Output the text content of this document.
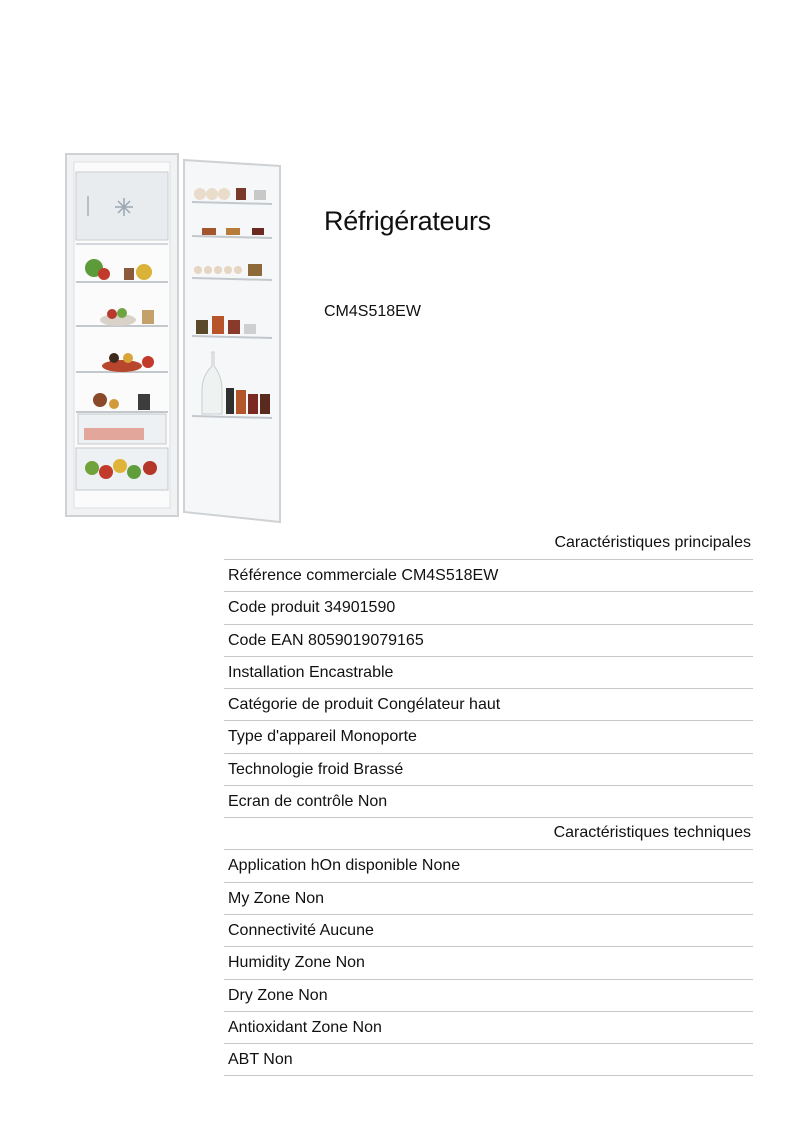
Réfrigérateurs
CM4S518EW
Caractéristiques principales
Référence commerciale CM4S518EW
Code produit 34901590
Code EAN 8059019079165
Installation Encastrable
Catégorie de produit Congélateur haut
Type d'appareil Monoporte
Technologie froid Brassé
Ecran de contrôle Non
Caractéristiques techniques
Application hOn disponible None
My Zone Non
Connectivité Aucune
Humidity Zone Non
Dry Zone Non
Antioxidant Zone Non
ABT Non
